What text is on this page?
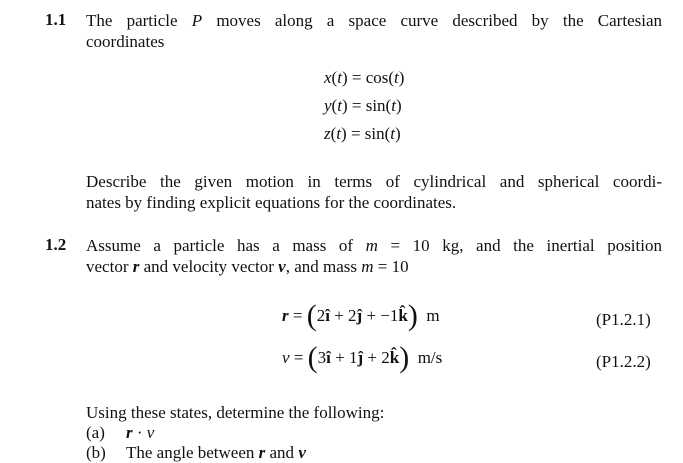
1.1 The particle P moves along a space curve described by the Cartesian
coordinates
x(t) = cos(t)
y(t) = sin(t)
z(t) = sin(t)
Describe the given motion in terms of cylindrical and spherical coordi-
nates by finding explicit equations for the coordinates.
1.2 Assume a particle has a mass of m = 10 kg, and the inertial position
vector r and velocity vector v, and mass m = 10
r = (2î + 2ĵ + −1k̂)  m	(P1.2.1)
v = (3î + 1ĵ + 2k̂)  m/s	(P1.2.2)
Using these states, determine the following:
(a) r · v
(b) The angle between r and v
